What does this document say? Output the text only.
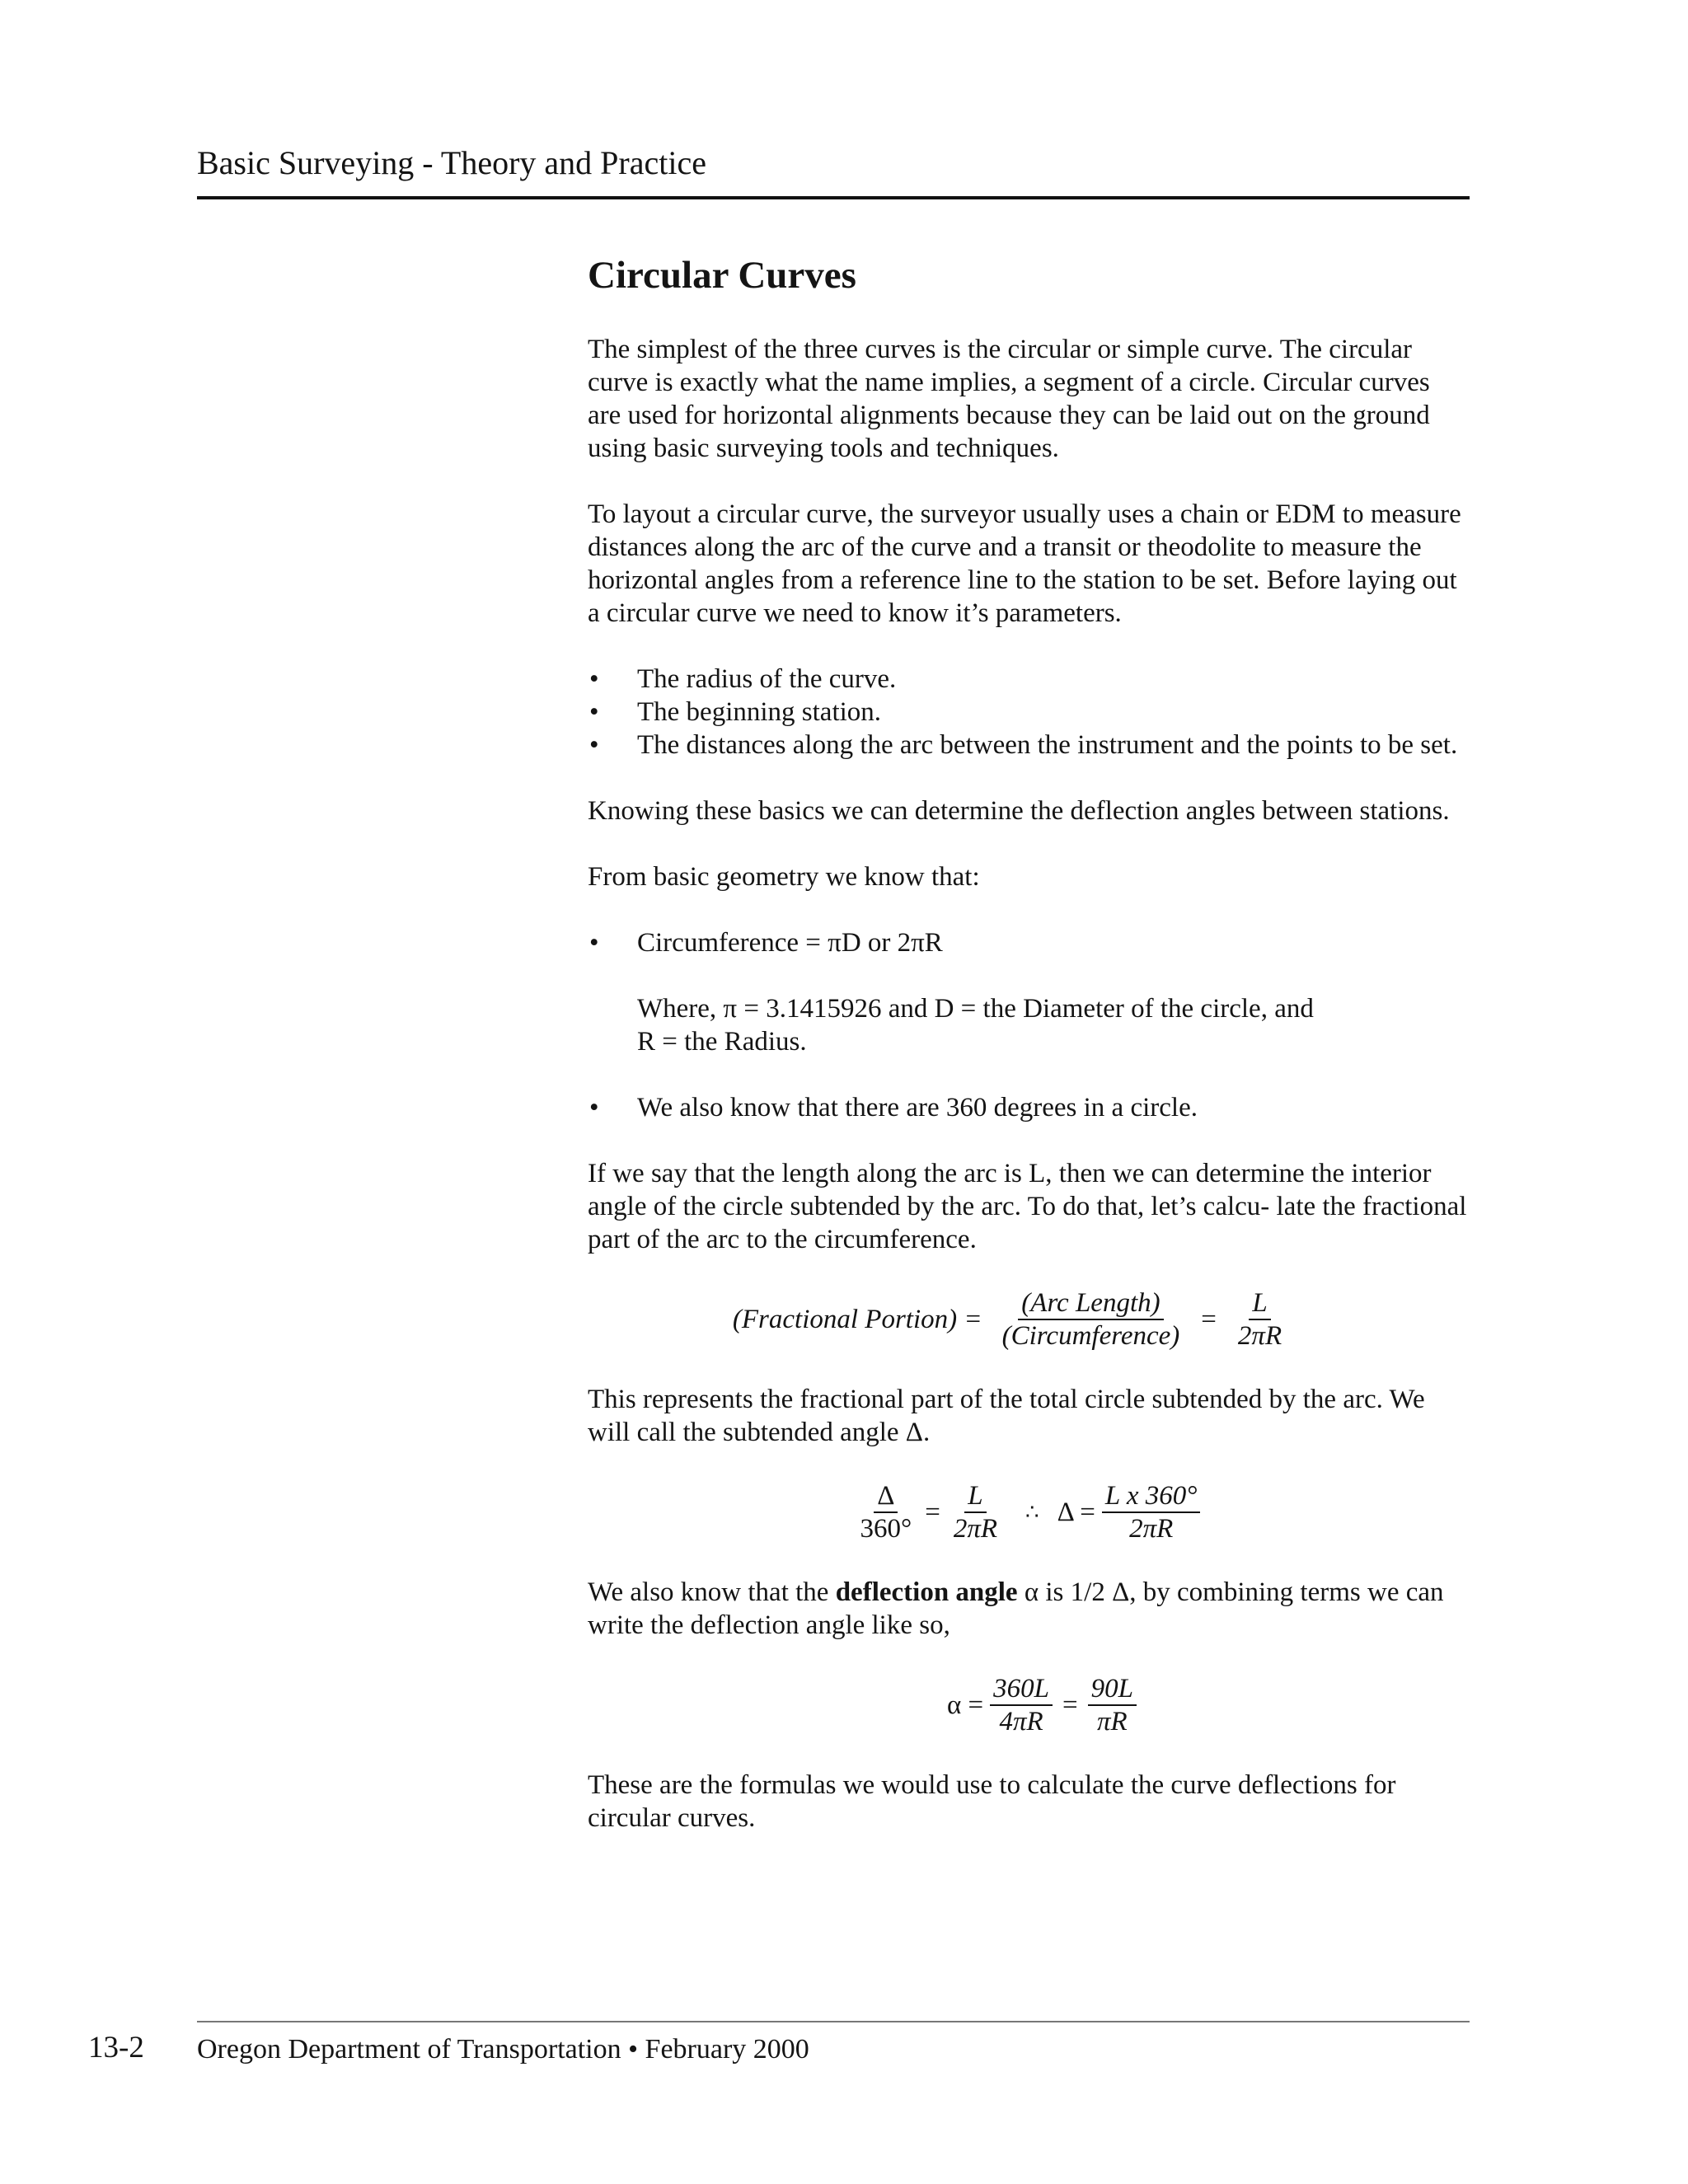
Basic Surveying - Theory and Practice
Circular Curves

The simplest of the three curves is the circular or simple curve. The circular curve is exactly what the name implies, a segment of a circle. Circular curves are used for horizontal alignments because they can be laid out on the ground using basic surveying tools and techniques.

To layout a circular curve, the surveyor usually uses a chain or EDM to measure distances along the arc of the curve and a transit or theodolite to measure the horizontal angles from a reference line to the station to be set. Before laying out a circular curve we need to know it’s parameters.

• The radius of the curve.
• The beginning station.
• The distances along the arc between the instrument and the points to be set.

Knowing these basics we can determine the deflection angles between stations.

From basic geometry we know that:

• Circumference = πD or 2πR
Where, π = 3.1415926 and D = the Diameter of the circle, and
R = the Radius.
• We also know that there are 360 degrees in a circle.

If we say that the length along the arc is L, then we can determine the interior angle of the circle subtended by the arc. To do that, let’s calcu- late the fractional part of the arc to the circumference.

(Fractional Portion) = $\frac{\text{(Arc Length)}}{\text{(Circumference)}} = \frac{L}{2\pi R}$

This represents the fractional part of the total circle subtended by the arc. We will call the subtended angle Δ.

$\frac{\Delta}{360^\circ} = \frac{L}{2\pi R}$ ∴ $\Delta = \frac{\text{L x 360°}}{2\pi R}$

We also know that the deflection angle α is 1/2 Δ, by combining terms we can write the deflection angle like so,

$\alpha = \frac{360L}{4\pi R} = \frac{90L}{\pi R}$

These are the formulas we would use to calculate the curve deflections for circular curves.

13-2 Oregon Department of Transportation • February 2000
